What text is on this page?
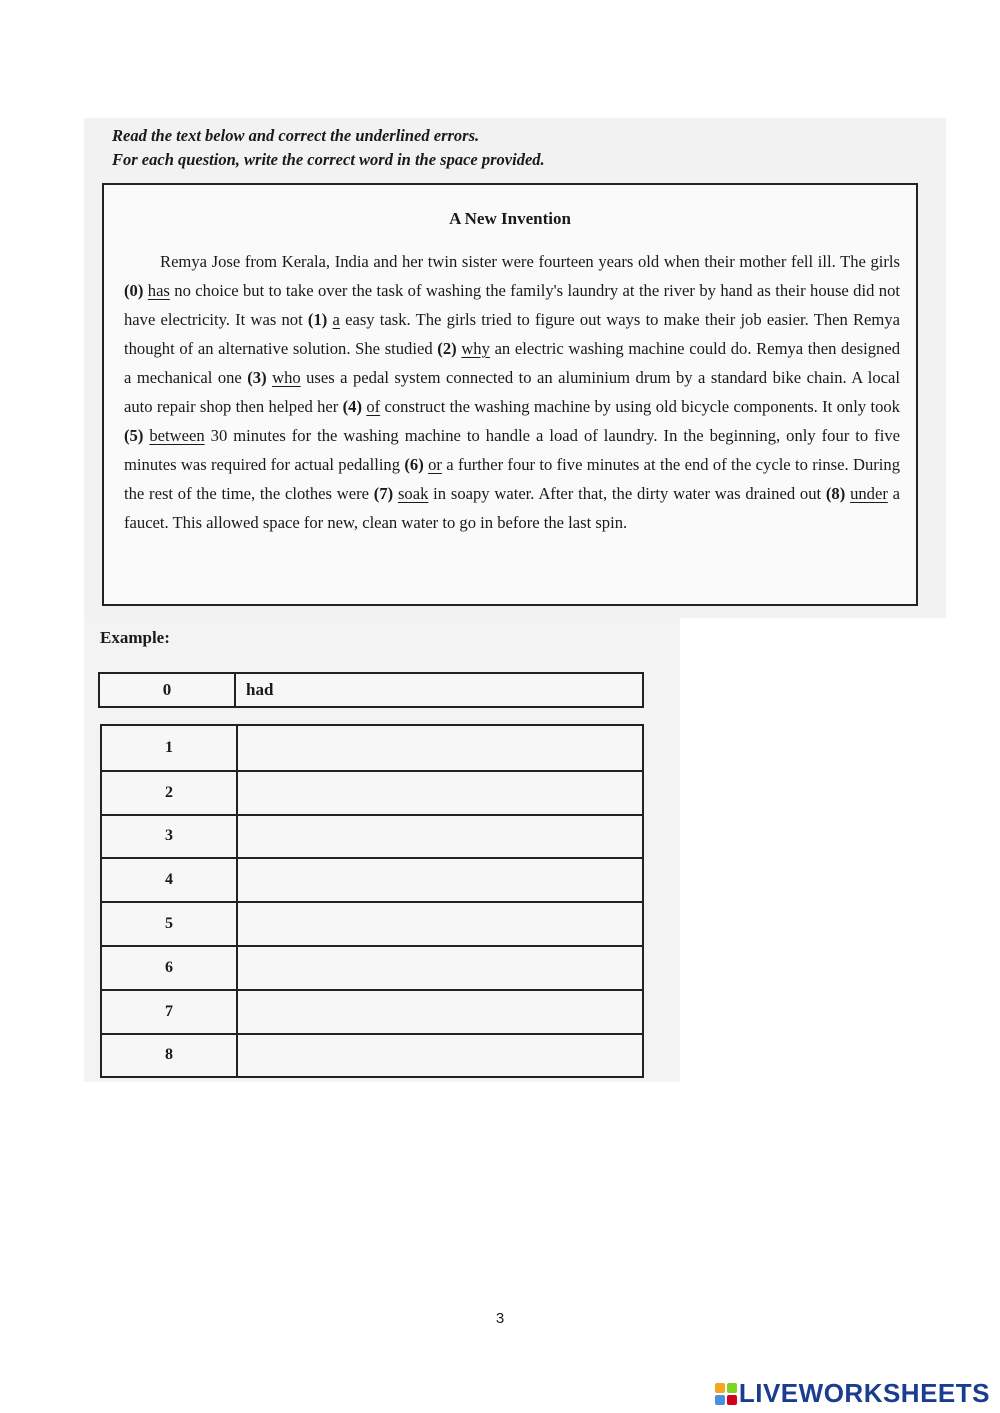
Read the text below and correct the underlined errors.
For each question, write the correct word in the space provided.
A New Invention
Remya Jose from Kerala, India and her twin sister were fourteen years old when their mother fell ill. The girls (0) has no choice but to take over the task of washing the family's laundry at the river by hand as their house did not have electricity. It was not (1) a easy task. The girls tried to figure out ways to make their job easier. Then Remya thought of an alternative solution. She studied (2) why an electric washing machine could do. Remya then designed a mechanical one (3) who uses a pedal system connected to an aluminium drum by a standard bike chain. A local auto repair shop then helped her (4) of construct the washing machine by using old bicycle components. It only took (5) between 30 minutes for the washing machine to handle a load of laundry. In the beginning, only four to five minutes was required for actual pedalling (6) or a further four to five minutes at the end of the cycle to rinse. During the rest of the time, the clothes were (7) soak in soapy water. After that, the dirty water was drained out (8) under a faucet. This allowed space for new, clean water to go in before the last spin.
Example:
0	had
1
2
3
4
5
6
7
8
3
LIVEWORKSHEETS
